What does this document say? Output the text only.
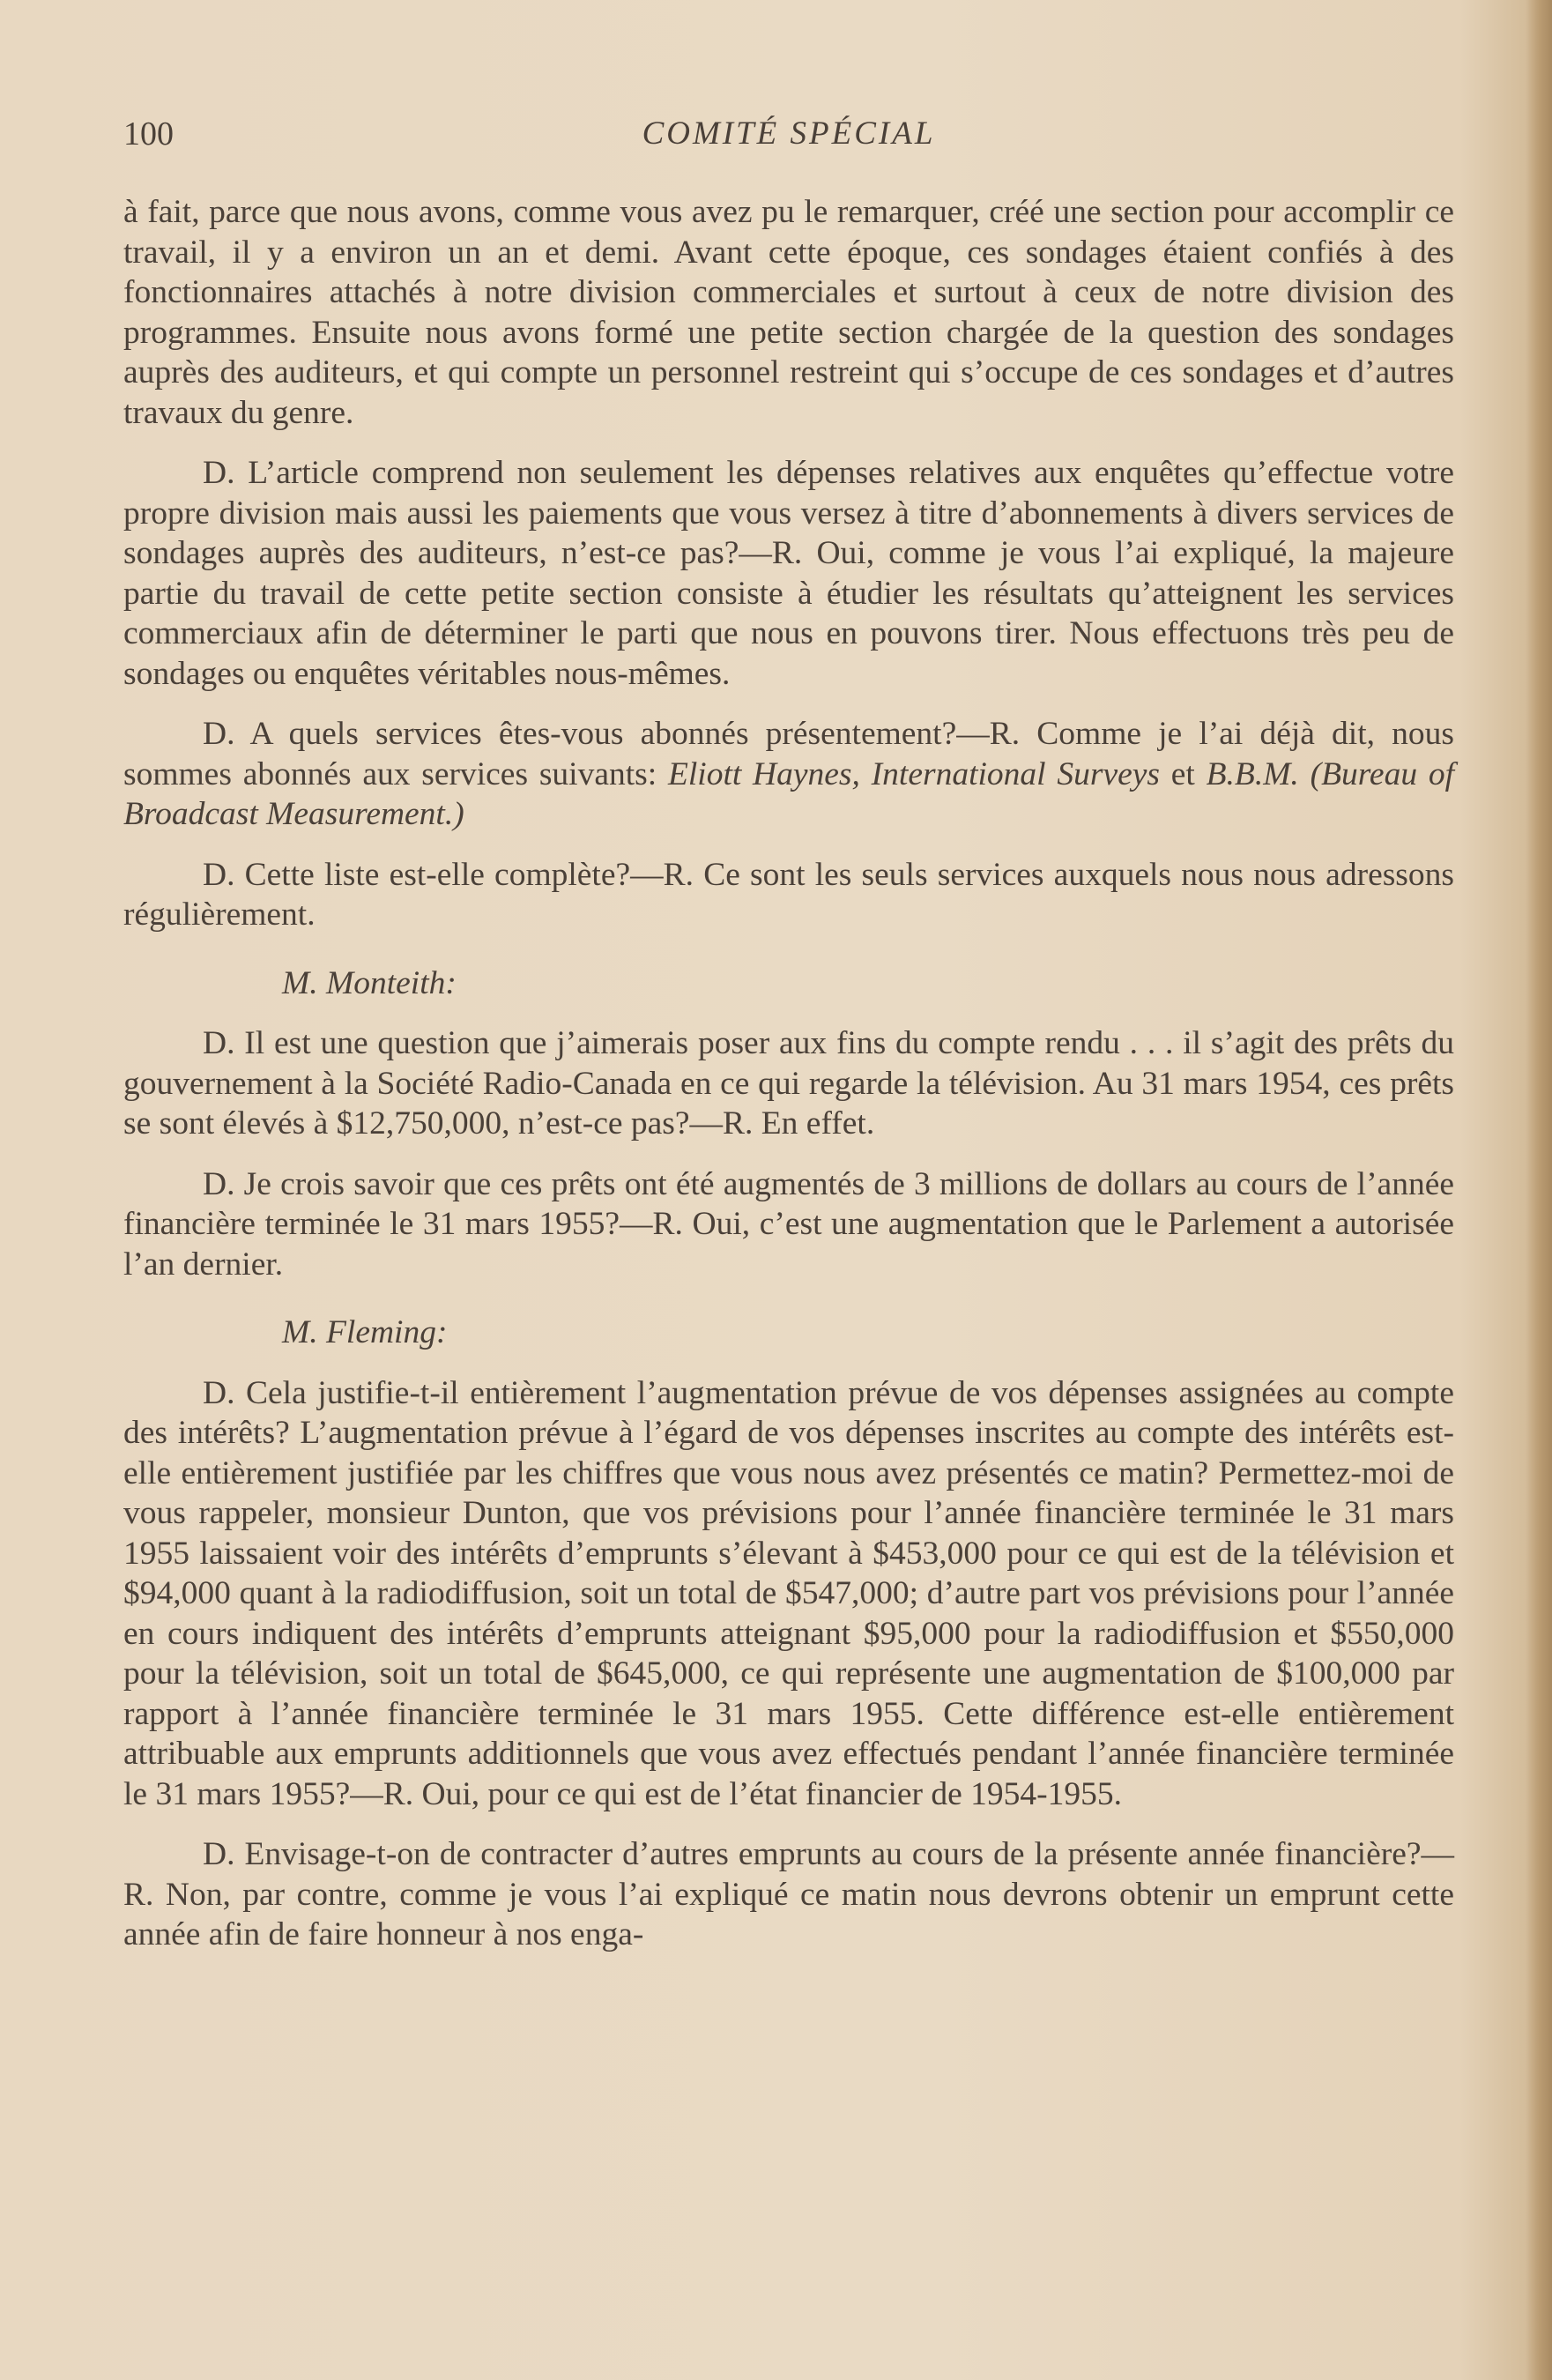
100	COMITÉ SPÉCIAL

à fait, parce que nous avons, comme vous avez pu le remarquer, créé une section pour accomplir ce travail, il y a environ un an et demi. Avant cette époque, ces sondages étaient confiés à des fonctionnaires attachés à notre division commerciales et surtout à ceux de notre division des programmes. Ensuite nous avons formé une petite section chargée de la question des sondages auprès des auditeurs, et qui compte un personnel restreint qui s’occupe de ces sondages et d’autres travaux du genre.

D. L’article comprend non seulement les dépenses relatives aux enquêtes qu’effectue votre propre division mais aussi les paiements que vous versez à titre d’abonnements à divers services de sondages auprès des auditeurs, n’est-ce pas?—R. Oui, comme je vous l’ai expliqué, la majeure partie du travail de cette petite section consiste à étudier les résultats qu’atteignent les services commerciaux afin de déterminer le parti que nous en pouvons tirer. Nous effectuons très peu de sondages ou enquêtes véritables nous-mêmes.

D. A quels services êtes-vous abonnés présentement?—R. Comme je l’ai déjà dit, nous sommes abonnés aux services suivants: Eliott Haynes, International Surveys et B.B.M. (Bureau of Broadcast Measurement.)

D. Cette liste est-elle complète?—R. Ce sont les seuls services auxquels nous nous adressons régulièrement.

M. Monteith:

D. Il est une question que j’aimerais poser aux fins du compte rendu . . . il s’agit des prêts du gouvernement à la Société Radio-Canada en ce qui regarde la télévision. Au 31 mars 1954, ces prêts se sont élevés à $12,750,000, n’est-ce pas?—R. En effet.

D. Je crois savoir que ces prêts ont été augmentés de 3 millions de dollars au cours de l’année financière terminée le 31 mars 1955?—R. Oui, c’est une augmentation que le Parlement a autorisée l’an dernier.

M. Fleming:

D. Cela justifie-t-il entièrement l’augmentation prévue de vos dépenses assignées au compte des intérêts? L’augmentation prévue à l’égard de vos dépenses inscrites au compte des intérêts est-elle entièrement justifiée par les chiffres que vous nous avez présentés ce matin? Permettez-moi de vous rappeler, monsieur Dunton, que vos prévisions pour l’année financière terminée le 31 mars 1955 laissaient voir des intérêts d’emprunts s’élevant à $453,000 pour ce qui est de la télévision et $94,000 quant à la radiodiffusion, soit un total de $547,000; d’autre part vos prévisions pour l’année en cours indiquent des intérêts d’emprunts atteignant $95,000 pour la radiodiffusion et $550,000 pour la télévision, soit un total de $645,000, ce qui représente une augmentation de $100,000 par rapport à l’année financière terminée le 31 mars 1955. Cette différence est-elle entièrement attribuable aux emprunts additionnels que vous avez effectués pendant l’année financière terminée le 31 mars 1955?—R. Oui, pour ce qui est de l’état financier de 1954-1955.

D. Envisage-t-on de contracter d’autres emprunts au cours de la présente année financière?—R. Non, par contre, comme je vous l’ai expliqué ce matin nous devrons obtenir un emprunt cette année afin de faire honneur à nos enga-
